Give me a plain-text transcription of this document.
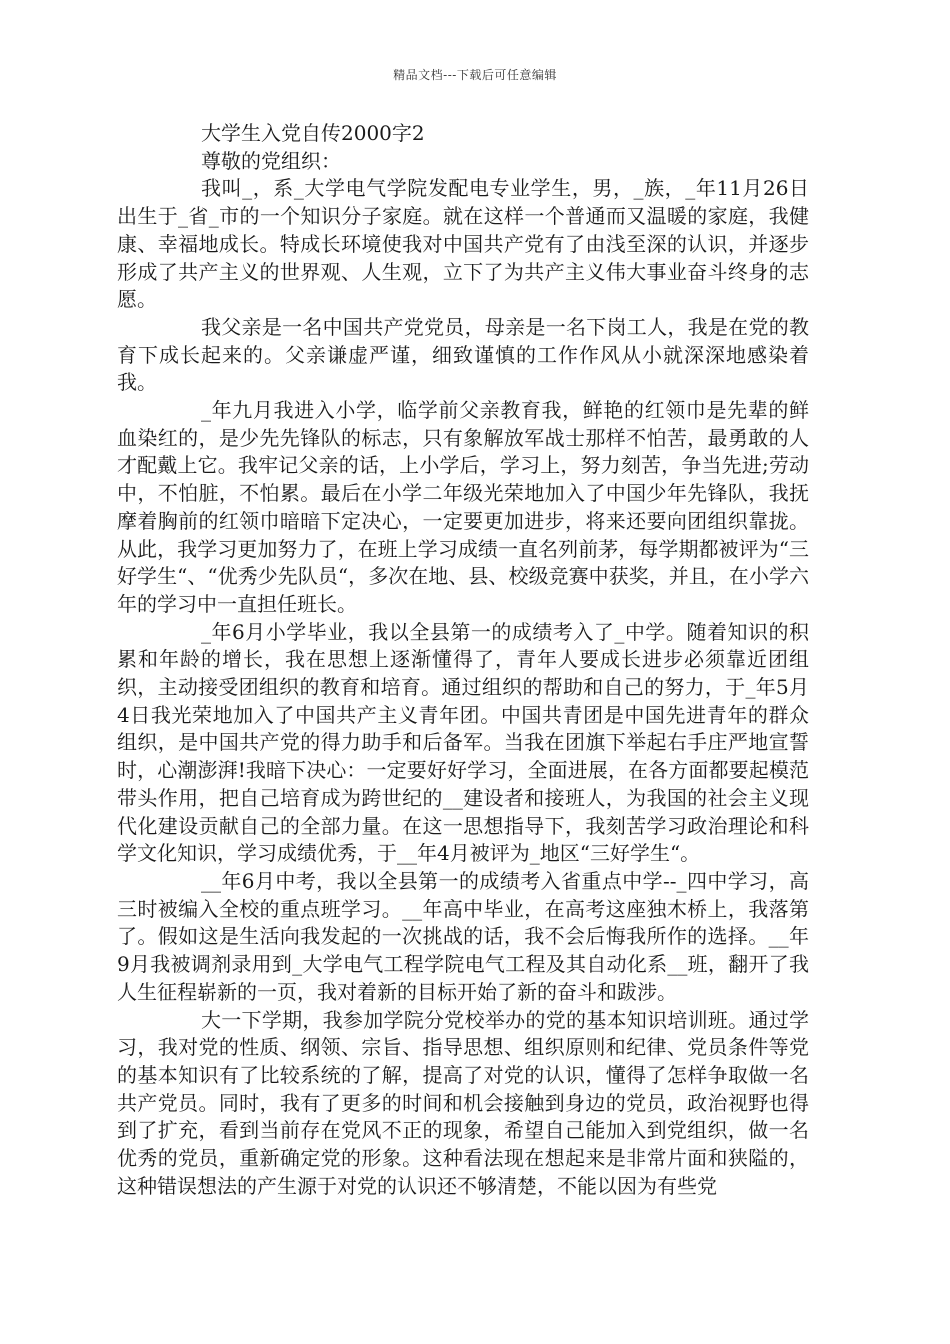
精品文档---下载后可任意编辑
大学生入党自传2000字2

尊敬的党组织：

我叫_，系_大学电气学院发配电专业学生，男，_族，_年11月26日出生于_省_市的一个知识分子家庭。就在这样一个普通而又温暖的家庭，我健康、幸福地成长。特成长环境使我对中国共产党有了由浅至深的认识，并逐步形成了共产主义的世界观、人生观，立下了为共产主义伟大事业奋斗终身的志愿。

我父亲是一名中国共产党党员，母亲是一名下岗工人，我是在党的教育下成长起来的。父亲谦虚严谨，细致谨慎的工作作风从小就深深地感染着我。

_年九月我进入小学，临学前父亲教育我，鲜艳的红领巾是先辈的鲜血染红的，是少先先锋队的标志，只有象解放军战士那样不怕苦，最勇敢的人才配戴上它。我牢记父亲的话，上小学后，学习上，努力刻苦，争当先进;劳动中，不怕脏，不怕累。最后在小学二年级光荣地加入了中国少年先锋队，我抚摩着胸前的红领巾暗暗下定决心，一定要更加进步，将来还要向团组织靠拢。从此，我学习更加努力了，在班上学习成绩一直名列前茅，每学期都被评为“三好学生“、“优秀少先队员“，多次在地、县、校级竞赛中获奖，并且，在小学六年的学习中一直担任班长。

_年6月小学毕业，我以全县第一的成绩考入了_中学。随着知识的积累和年龄的增长，我在思想上逐渐懂得了，青年人要成长进步必须靠近团组织，主动接受团组织的教育和培育。通过组织的帮助和自己的努力，于_年5月4日我光荣地加入了中国共产主义青年团。中国共青团是中国先进青年的群众组织，是中国共产党的得力助手和后备军。当我在团旗下举起右手庄严地宣誓时，心潮澎湃!我暗下决心：一定要好好学习，全面进展，在各方面都要起模范带头作用，把自己培育成为跨世纪的__建设者和接班人，为我国的社会主义现代化建设贡献自己的全部力量。在这一思想指导下，我刻苦学习政治理论和科学文化知识，学习成绩优秀，于__年4月被评为_地区“三好学生“。

__年6月中考，我以全县第一的成绩考入省重点中学--_四中学习，高三时被编入全校的重点班学习。__年高中毕业，在高考这座独木桥上，我落第了。假如这是生活向我发起的一次挑战的话，我不会后悔我所作的选择。__年9月我被调剂录用到_大学电气工程学院电气工程及其自动化系__班，翻开了我人生征程崭新的一页，我对着新的目标开始了新的奋斗和跋涉。

大一下学期，我参加学院分党校举办的党的基本知识培训班。通过学习，我对党的性质、纲领、宗旨、指导思想、组织原则和纪律、党员条件等党的基本知识有了比较系统的了解，提高了对党的认识，懂得了怎样争取做一名共产党员。同时，我有了更多的时间和机会接触到身边的党员，政治视野也得到了扩充，看到当前存在党风不正的现象，希望自己能加入到党组织，做一名优秀的党员，重新确定党的形象。这种看法现在想起来是非常片面和狭隘的，这种错误想法的产生源于对党的认识还不够清楚，不能以因为有些党
